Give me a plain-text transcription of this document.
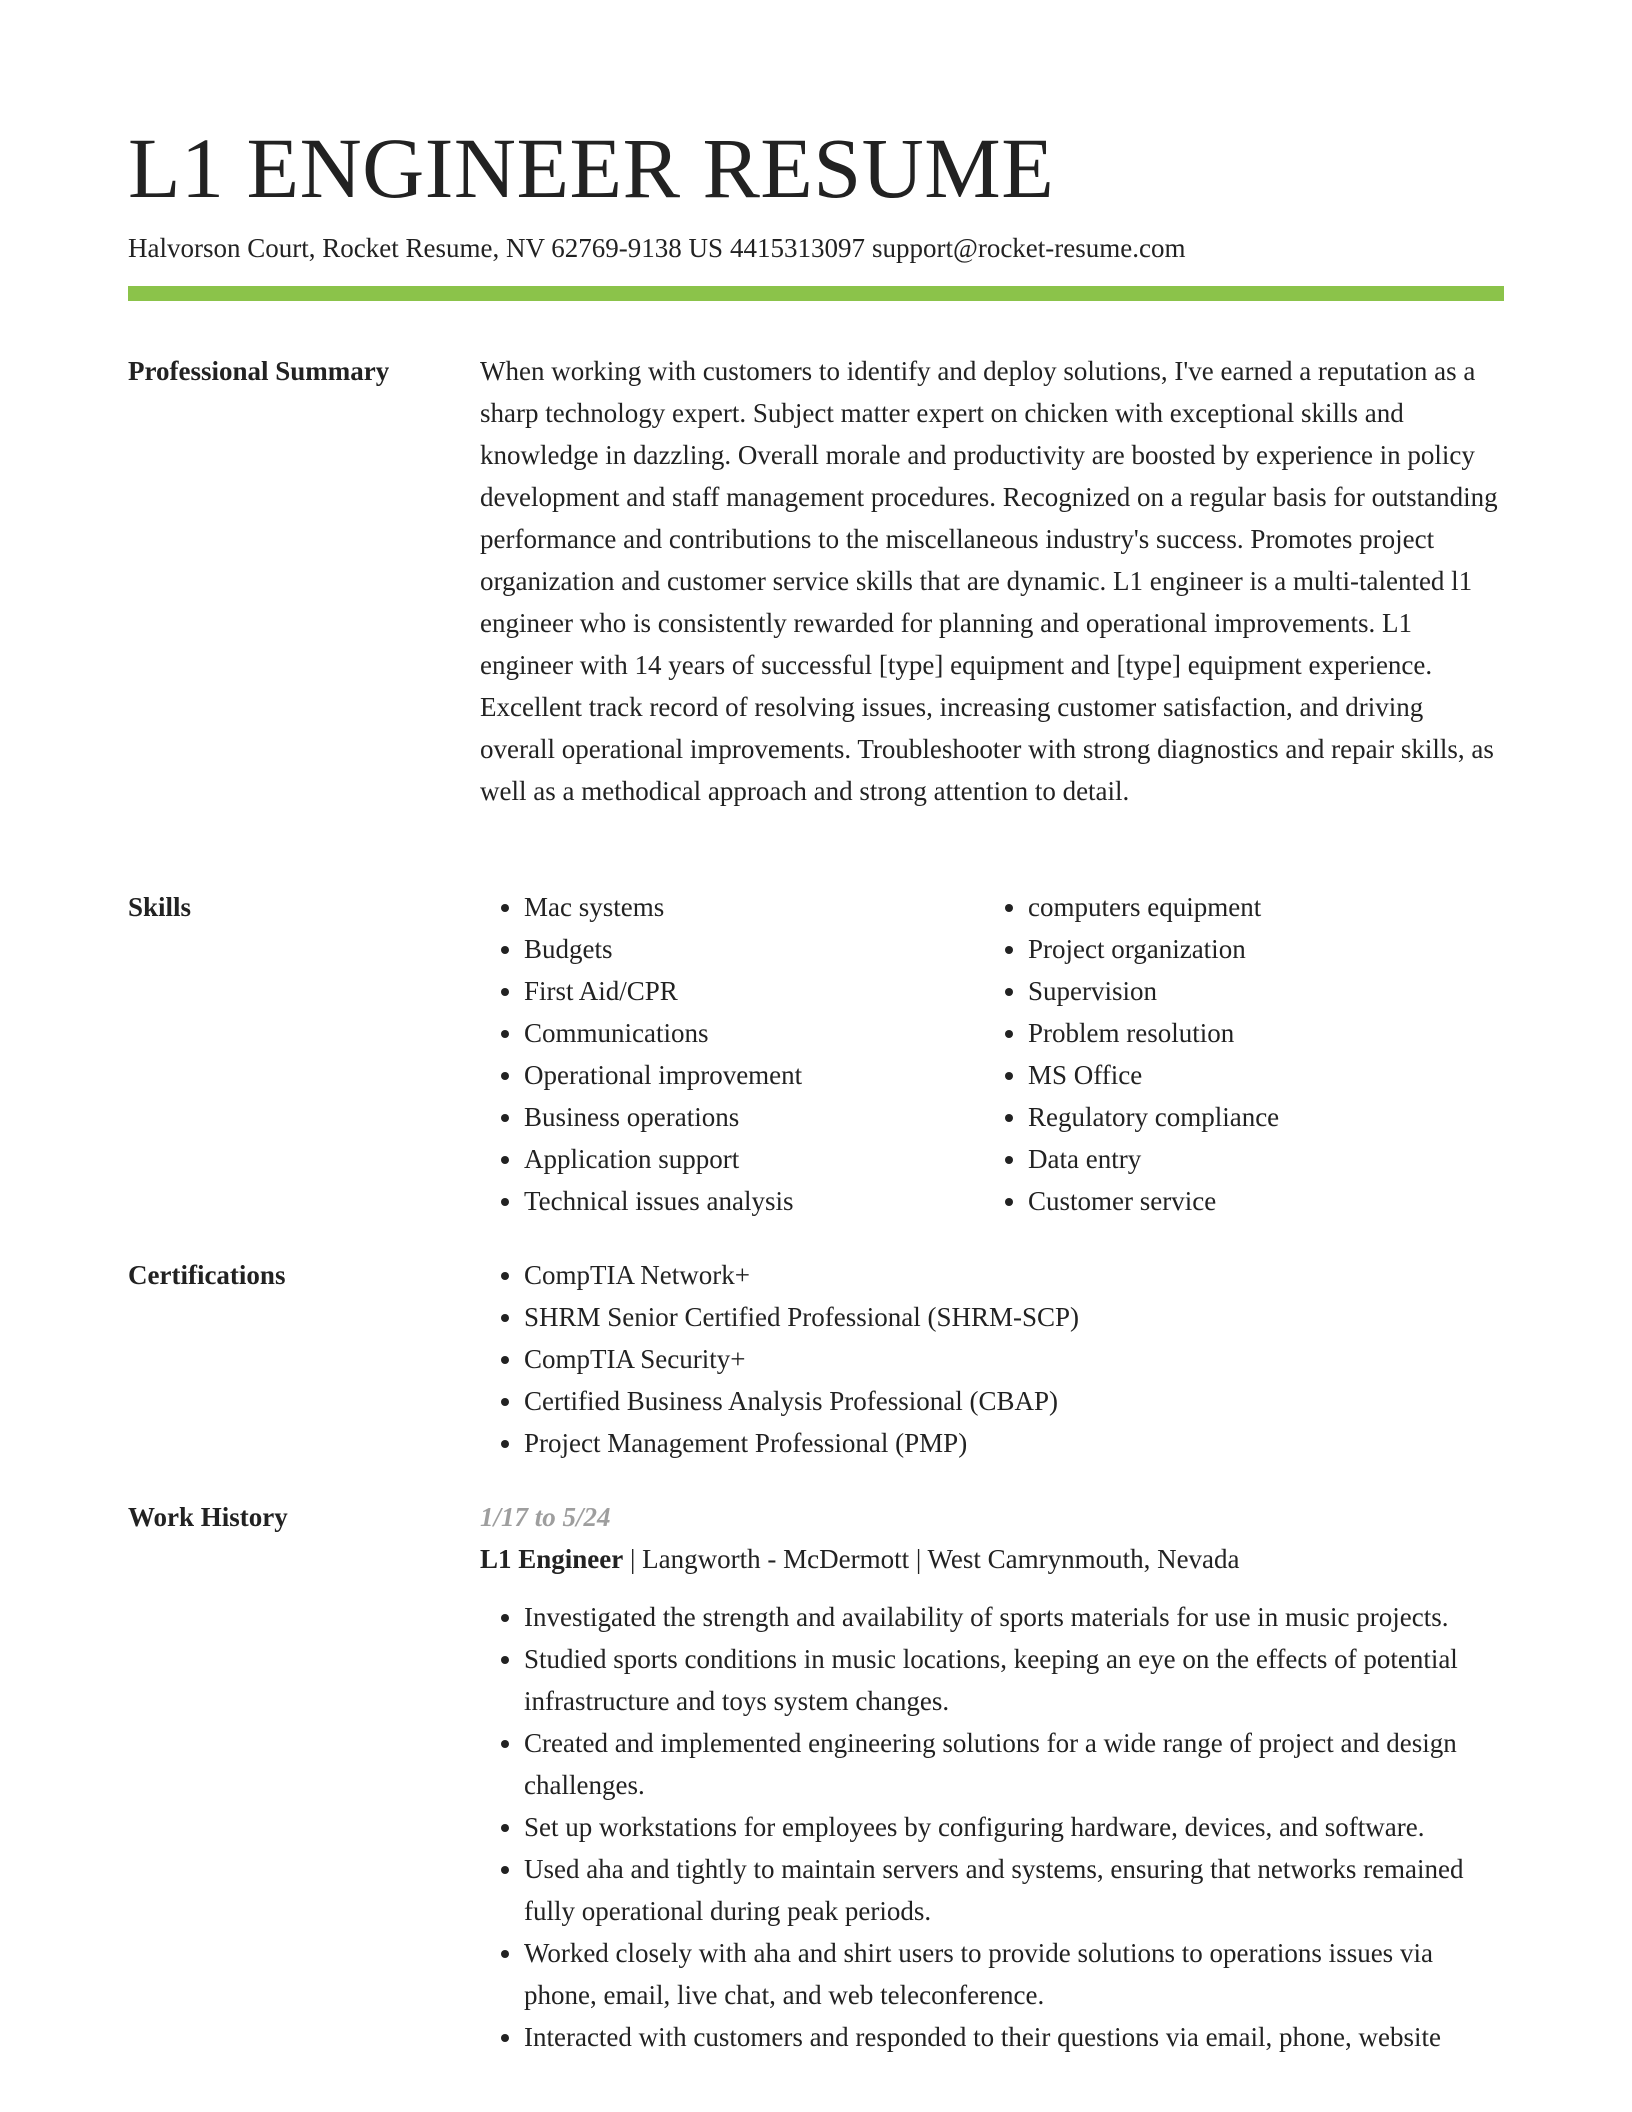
L1 ENGINEER RESUME
Halvorson Court, Rocket Resume, NV 62769-9138 US 4415313097 support@rocket-resume.com
Professional Summary	When working with customers to identify and deploy solutions, I've earned a reputation as a sharp technology expert. Subject matter expert on chicken with exceptional skills and knowledge in dazzling. Overall morale and productivity are boosted by experience in policy development and staff management procedures. Recognized on a regular basis for outstanding performance and contributions to the miscellaneous industry's success. Promotes project organization and customer service skills that are dynamic. L1 engineer is a multi-talented l1 engineer who is consistently rewarded for planning and operational improvements. L1 engineer with 14 years of successful [type] equipment and [type] equipment experience. Excellent track record of resolving issues, increasing customer satisfaction, and driving overall operational improvements. Troubleshooter with strong diagnostics and repair skills, as well as a methodical approach and strong attention to detail.

Skills	• Mac systems
• Budgets
• First Aid/CPR
• Communications
• Operational improvement
• Business operations
• Application support
• Technical issues analysis
• computers equipment
• Project organization
• Supervision
• Problem resolution
• MS Office
• Regulatory compliance
• Data entry
• Customer service
Certifications	• CompTIA Network+
• SHRM Senior Certified Professional (SHRM-SCP)
• CompTIA Security+
• Certified Business Analysis Professional (CBAP)
• Project Management Professional (PMP)
Work History	1/17 to 5/24
L1 Engineer | Langworth - McDermott | West Camrynmouth, Nevada
• Investigated the strength and availability of sports materials for use in music projects.
• Studied sports conditions in music locations, keeping an eye on the effects of potential infrastructure and toys system changes.
• Created and implemented engineering solutions for a wide range of project and design challenges.
• Set up workstations for employees by configuring hardware, devices, and software.
• Used aha and tightly to maintain servers and systems, ensuring that networks remained fully operational during peak periods.
• Worked closely with aha and shirt users to provide solutions to operations issues via phone, email, live chat, and web teleconference.
• Interacted with customers and responded to their questions via email, phone, website
